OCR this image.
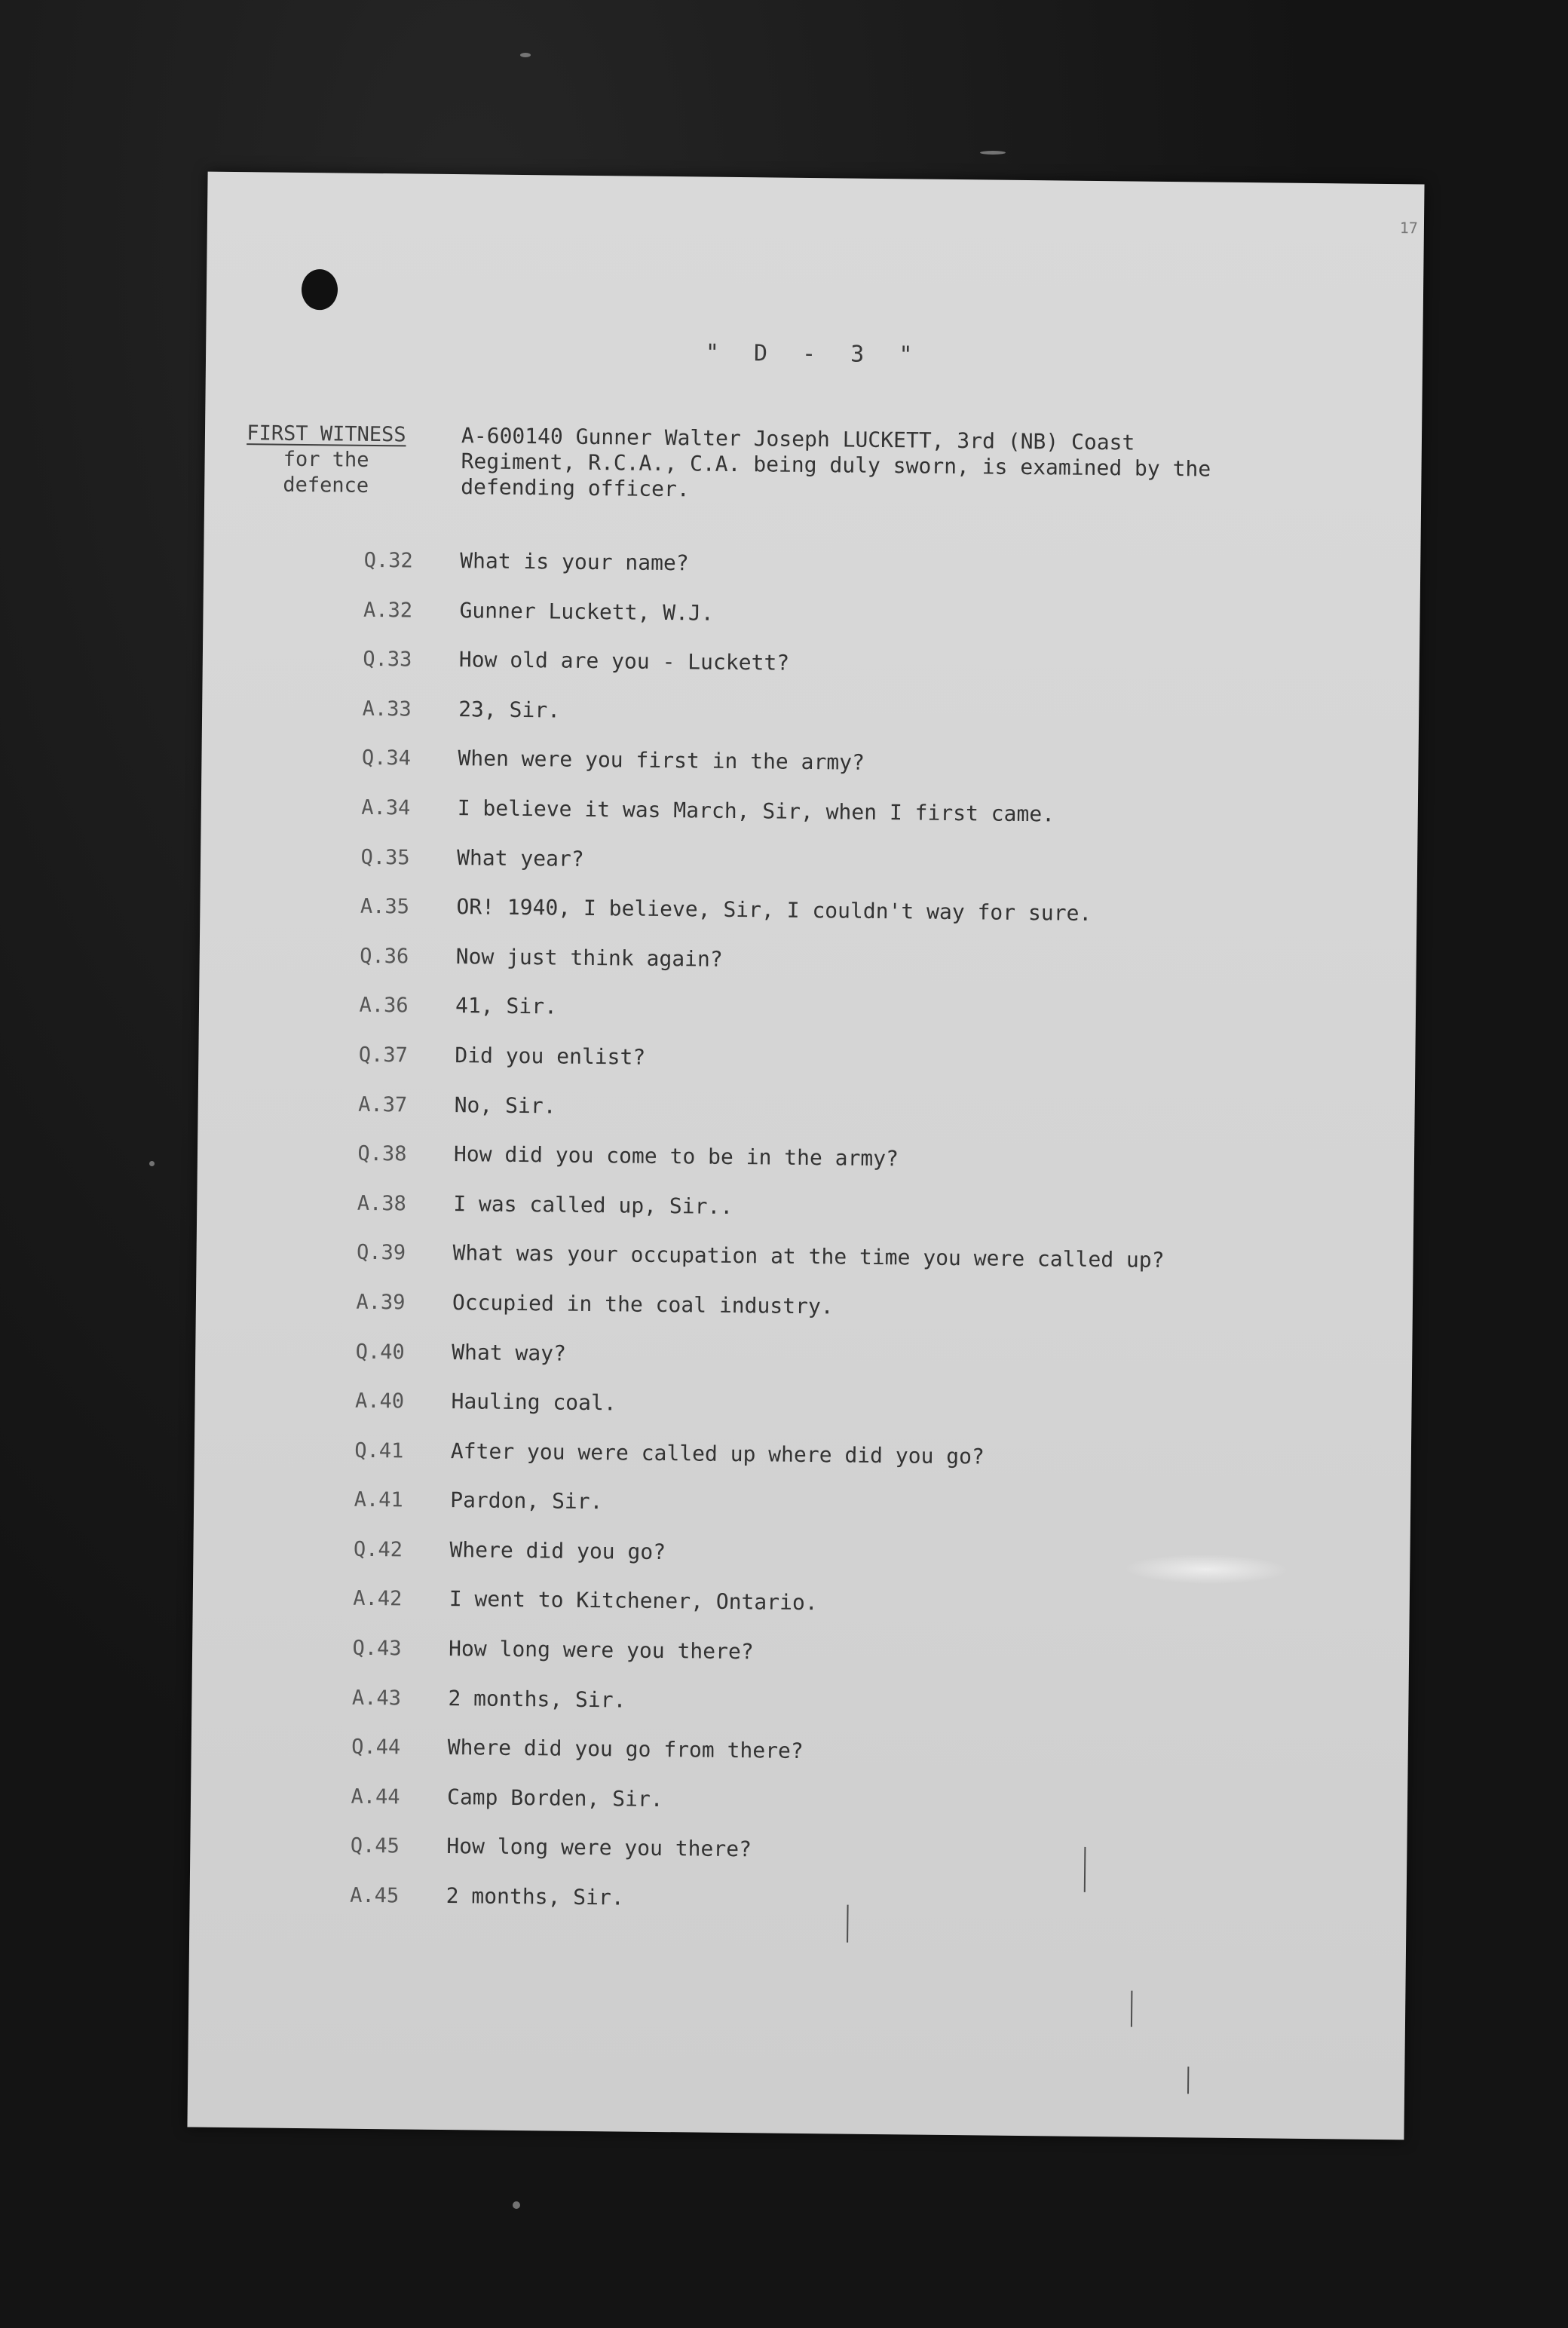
17
" D - 3 "
FIRST WITNESS
for the
defence
A-600140 Gunner Walter Joseph LUCKETT, 3rd (NB) Coast Regiment, R.C.A., C.A. being duly sworn, is examined by the defending officer.
Q.32	What is your name?
A.32	Gunner Luckett, W.J.
Q.33	How old are you - Luckett?
A.33	23, Sir.
Q.34	When were you first in the army?
A.34	I believe it was March, Sir, when I first came.
Q.35	What year?
A.35	OR! 1940, I believe, Sir, I couldn't way for sure.
Q.36	Now just think again?
A.36	41, Sir.
Q.37	Did you enlist?
A.37	No, Sir.
Q.38	How did you come to be in the army?
A.38	I was called up, Sir..
Q.39	What was your occupation at the time you were called up?
A.39	Occupied in the coal industry.
Q.40	What way?
A.40	Hauling coal.
Q.41	After you were called up where did you go?
A.41	Pardon, Sir.
Q.42	Where did you go?
A.42	I went to Kitchener, Ontario.
Q.43	How long were you there?
A.43	2 months, Sir.
Q.44	Where did you go from there?
A.44	Camp Borden, Sir.
Q.45	How long were you there?
A.45	2 months, Sir.
